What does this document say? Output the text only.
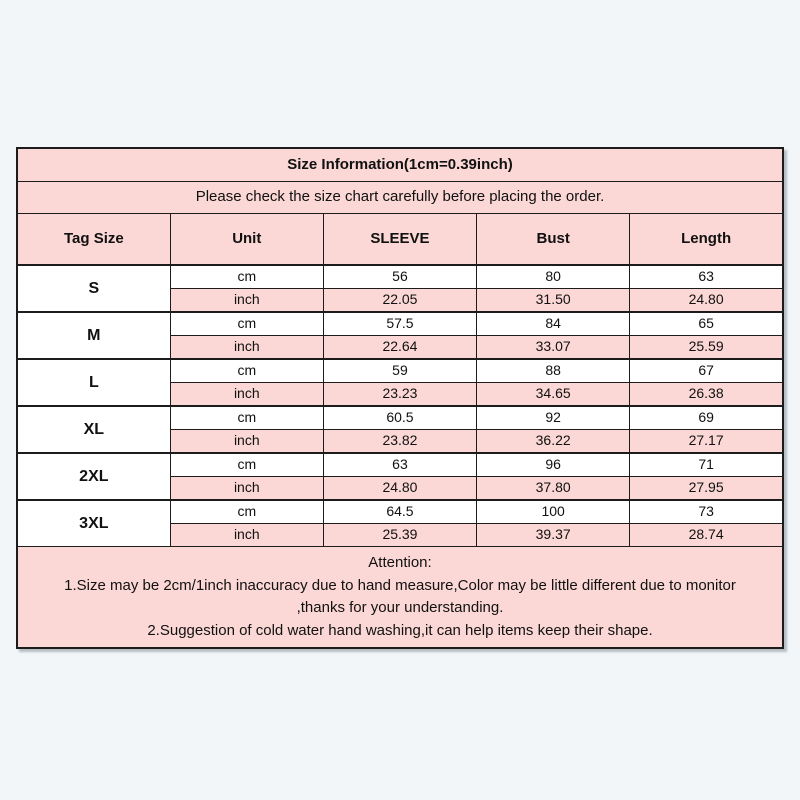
Size Information(1cm=0.39inch)				
Please check the size chart carefully before placing the order.				
Tag Size	Unit	SLEEVE	Bust	Length
S	cm	56	80	63
	inch	22.05	31.50	24.80
M	cm	57.5	84	65
	inch	22.64	33.07	25.59
L	cm	59	88	67
	inch	23.23	34.65	26.38
XL	cm	60.5	92	69
	inch	23.82	36.22	27.17
2XL	cm	63	96	71
	inch	24.80	37.80	27.95
3XL	cm	64.5	100	73
	inch	25.39	39.37	28.74

Attention:
1.Size may be 2cm/1inch inaccuracy due to hand measure,Color may be little different due to monitor
,thanks for your understanding.
2.Suggestion of cold water hand washing,it can help items keep their shape.				
